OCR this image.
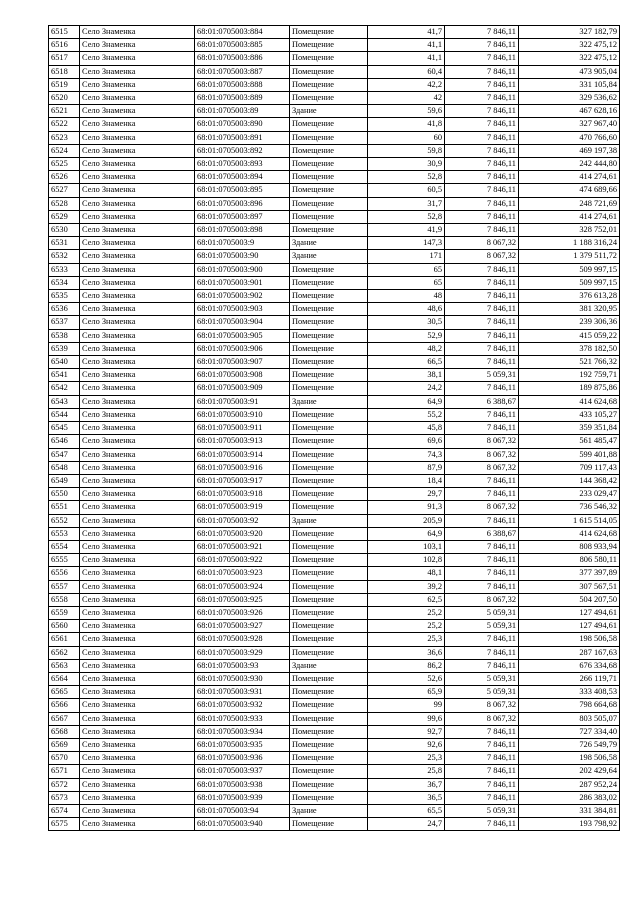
6515	Село Знаменка	68:01:0705003:884	Помещение	41,7	7 846,11	327 182,79
6516	Село Знаменка	68:01:0705003:885	Помещение	41,1	7 846,11	322 475,12
6517	Село Знаменка	68:01:0705003:886	Помещение	41,1	7 846,11	322 475,12
6518	Село Знаменка	68:01:0705003:887	Помещение	60,4	7 846,11	473 905,04
6519	Село Знаменка	68:01:0705003:888	Помещение	42,2	7 846,11	331 105,84
6520	Село Знаменка	68:01:0705003:889	Помещение	42	7 846,11	329 536,62
6521	Село Знаменка	68:01:0705003:89	Здание	59,6	7 846,11	467 628,16
6522	Село Знаменка	68:01:0705003:890	Помещение	41,8	7 846,11	327 967,40
6523	Село Знаменка	68:01:0705003:891	Помещение	60	7 846,11	470 766,60
6524	Село Знаменка	68:01:0705003:892	Помещение	59,8	7 846,11	469 197,38
6525	Село Знаменка	68:01:0705003:893	Помещение	30,9	7 846,11	242 444,80
6526	Село Знаменка	68:01:0705003:894	Помещение	52,8	7 846,11	414 274,61
6527	Село Знаменка	68:01:0705003:895	Помещение	60,5	7 846,11	474 689,66
6528	Село Знаменка	68:01:0705003:896	Помещение	31,7	7 846,11	248 721,69
6529	Село Знаменка	68:01:0705003:897	Помещение	52,8	7 846,11	414 274,61
6530	Село Знаменка	68:01:0705003:898	Помещение	41,9	7 846,11	328 752,01
6531	Село Знаменка	68:01:0705003:9	Здание	147,3	8 067,32	1 188 316,24
6532	Село Знаменка	68:01:0705003:90	Здание	171	8 067,32	1 379 511,72
6533	Село Знаменка	68:01:0705003:900	Помещение	65	7 846,11	509 997,15
6534	Село Знаменка	68:01:0705003:901	Помещение	65	7 846,11	509 997,15
6535	Село Знаменка	68:01:0705003:902	Помещение	48	7 846,11	376 613,28
6536	Село Знаменка	68:01:0705003:903	Помещение	48,6	7 846,11	381 320,95
6537	Село Знаменка	68:01:0705003:904	Помещение	30,5	7 846,11	239 306,36
6538	Село Знаменка	68:01:0705003:905	Помещение	52,9	7 846,11	415 059,22
6539	Село Знаменка	68:01:0705003:906	Помещение	48,2	7 846,11	378 182,50
6540	Село Знаменка	68:01:0705003:907	Помещение	66,5	7 846,11	521 766,32
6541	Село Знаменка	68:01:0705003:908	Помещение	38,1	5 059,31	192 759,71
6542	Село Знаменка	68:01:0705003:909	Помещение	24,2	7 846,11	189 875,86
6543	Село Знаменка	68:01:0705003:91	Здание	64,9	6 388,67	414 624,68
6544	Село Знаменка	68:01:0705003:910	Помещение	55,2	7 846,11	433 105,27
6545	Село Знаменка	68:01:0705003:911	Помещение	45,8	7 846,11	359 351,84
6546	Село Знаменка	68:01:0705003:913	Помещение	69,6	8 067,32	561 485,47
6547	Село Знаменка	68:01:0705003:914	Помещение	74,3	8 067,32	599 401,88
6548	Село Знаменка	68:01:0705003:916	Помещение	87,9	8 067,32	709 117,43
6549	Село Знаменка	68:01:0705003:917	Помещение	18,4	7 846,11	144 368,42
6550	Село Знаменка	68:01:0705003:918	Помещение	29,7	7 846,11	233 029,47
6551	Село Знаменка	68:01:0705003:919	Помещение	91,3	8 067,32	736 546,32
6552	Село Знаменка	68:01:0705003:92	Здание	205,9	7 846,11	1 615 514,05
6553	Село Знаменка	68:01:0705003:920	Помещение	64,9	6 388,67	414 624,68
6554	Село Знаменка	68:01:0705003:921	Помещение	103,1	7 846,11	808 933,94
6555	Село Знаменка	68:01:0705003:922	Помещение	102,8	7 846,11	806 580,11
6556	Село Знаменка	68:01:0705003:923	Помещение	48,1	7 846,11	377 397,89
6557	Село Знаменка	68:01:0705003:924	Помещение	39,2	7 846,11	307 567,51
6558	Село Знаменка	68:01:0705003:925	Помещение	62,5	8 067,32	504 207,50
6559	Село Знаменка	68:01:0705003:926	Помещение	25,2	5 059,31	127 494,61
6560	Село Знаменка	68:01:0705003:927	Помещение	25,2	5 059,31	127 494,61
6561	Село Знаменка	68:01:0705003:928	Помещение	25,3	7 846,11	198 506,58
6562	Село Знаменка	68:01:0705003:929	Помещение	36,6	7 846,11	287 167,63
6563	Село Знаменка	68:01:0705003:93	Здание	86,2	7 846,11	676 334,68
6564	Село Знаменка	68:01:0705003:930	Помещение	52,6	5 059,31	266 119,71
6565	Село Знаменка	68:01:0705003:931	Помещение	65,9	5 059,31	333 408,53
6566	Село Знаменка	68:01:0705003:932	Помещение	99	8 067,32	798 664,68
6567	Село Знаменка	68:01:0705003:933	Помещение	99,6	8 067,32	803 505,07
6568	Село Знаменка	68:01:0705003:934	Помещение	92,7	7 846,11	727 334,40
6569	Село Знаменка	68:01:0705003:935	Помещение	92,6	7 846,11	726 549,79
6570	Село Знаменка	68:01:0705003:936	Помещение	25,3	7 846,11	198 506,58
6571	Село Знаменка	68:01:0705003:937	Помещение	25,8	7 846,11	202 429,64
6572	Село Знаменка	68:01:0705003:938	Помещение	36,7	7 846,11	287 952,24
6573	Село Знаменка	68:01:0705003:939	Помещение	36,5	7 846,11	286 383,02
6574	Село Знаменка	68:01:0705003:94	Здание	65,5	5 059,31	331 384,81
6575	Село Знаменка	68:01:0705003:940	Помещение	24,7	7 846,11	193 798,92
